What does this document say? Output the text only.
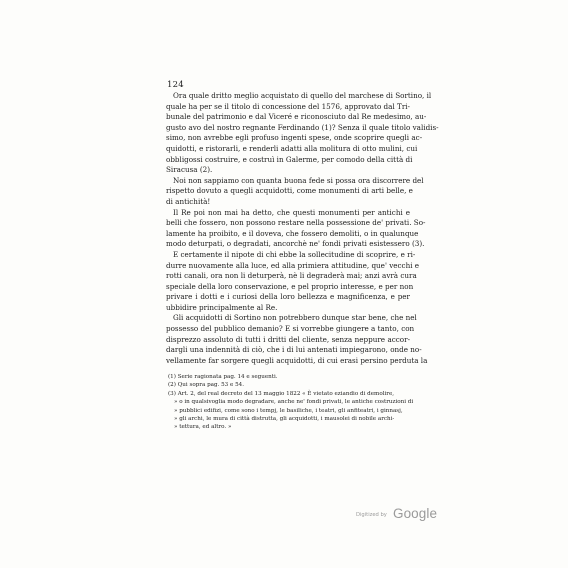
124
Ora quale dritto meglio acquistato di quello del marchese di Sortino, il
quale ha per se il titolo di concessione del 1576, approvato dal Tri-
bunale del patrimonio e dal Viceré e riconosciuto dal Re medesimo, au-
gusto avo del nostro regnante Ferdinando (1)? Senza il quale titolo validis-
simo, non avrebbe egli profuso ingenti spese, onde scoprire quegli ac-
quidotti, e ristorarli, e renderli adatti alla molitura di otto mulini, cui
obbligossi costruire, e costruì in Galerme, per comodo della città di
Siracusa (2).
Noi non sappiamo con quanta buona fede si possa ora discorrere del
rispetto dovuto a quegli acquidotti, come monumenti di arti belle, e
di antichità!
Il Re poi non mai ha detto, che questi monumenti per antichi e
belli che fossero, non possono restare nella possessione de' privati. So-
lamente ha proibito, e il doveva, che fossero demoliti, o in qualunque
modo deturpati, o degradati, ancorchè ne' fondi privati esistessero (3).
E certamente il nipote di chi ebbe la sollecitudine di scoprire, e ri-
durre nuovamente alla luce, ed alla primiera attitudine, que' vecchi e
rotti canali, ora non li deturperà, nè li degraderà mai; anzi avrà cura
speciale della loro conservazione, e pel proprio interesse, e per non
privare i dotti e i curiosi della loro bellezza e magnificenza, e per
ubbidire principalmente al Re.
Gli acquidotti di Sortino non potrebbero dunque star bene, che nel
possesso del pubblico demanio? E si vorrebbe giungere a tanto, con
disprezzo assoluto di tutti i dritti del cliente, senza neppure accor-
dargli una indennità di ciò, che i di lui antenati impiegarono, onde no-
vellamente far sorgere quegli acquidotti, di cui erasi persino perduta la
(1) Serie ragionata pag. 14 e seguenti.
(2) Qui sopra pag. 53 e 54.
(3) Art. 2, del real decreto del 13 maggio 1822 « È vietato eziandio di demolire,
» o in qualsivoglia modo degradare, anche ne' fondi privati, le antiche costruzioni di
» pubblici edifizi, come sono i tempj, le basiliche, i teatri, gli anfiteatri, i ginnasj,
» gli archi, le mura di città distrutta, gli acquidotti, i mausolei di nobile archi-
» tettura, ed altro. »
Digitized by Google
